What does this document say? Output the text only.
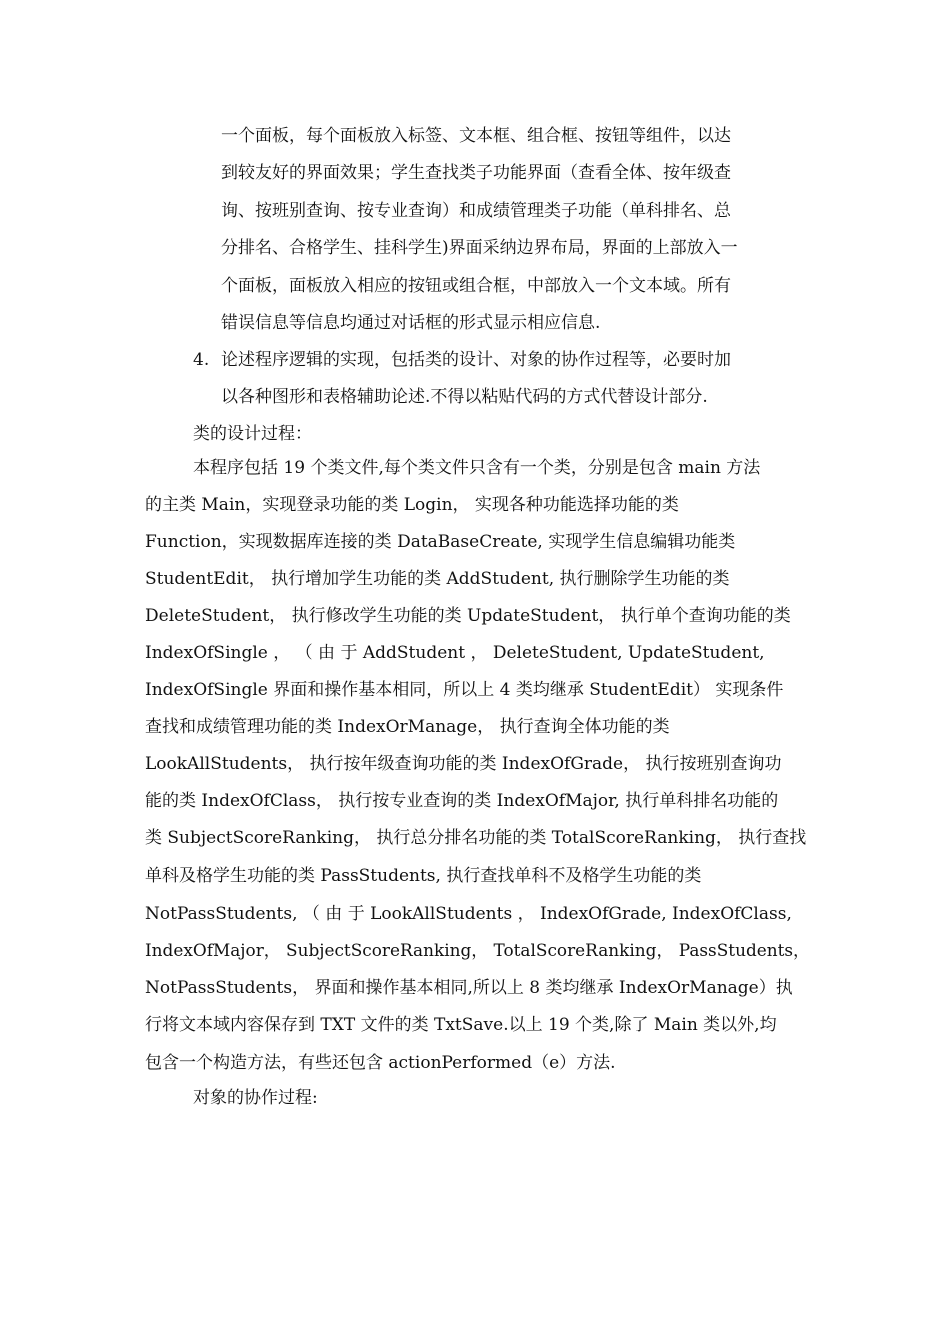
一个面板，每个面板放入标签、文本框、组合框、按钮等组件，以达
到较友好的界面效果；学生查找类子功能界面（查看全体、按年级查
询、按班别查询、按专业查询）和成绩管理类子功能（单科排名、总
分排名、合格学生、挂科学生)界面采纳边界布局，界面的上部放入一
个面板，面板放入相应的按钮或组合框，中部放入一个文本域。所有
错误信息等信息均通过对话框的形式显示相应信息.
4. 论述程序逻辑的实现，包括类的设计、对象的协作过程等，必要时加
以各种图形和表格辅助论述.不得以粘贴代码的方式代替设计部分.
类的设计过程：
本程序包括 19 个类文件,每个类文件只含有一个类，分别是包含 main 方法
的主类 Main，实现登录功能的类 Login， 实现各种功能选择功能的类
Function，实现数据库连接的类 DataBaseCreate, 实现学生信息编辑功能类
StudentEdit， 执行增加学生功能的类 AddStudent, 执行删除学生功能的类
DeleteStudent， 执行修改学生功能的类 UpdateStudent， 执行单个查询功能的类
IndexOfSingle ， （ 由 于 AddStudent ， DeleteStudent, UpdateStudent,
IndexOfSingle 界面和操作基本相同，所以上 4 类均继承 StudentEdit） 实现条件
查找和成绩管理功能的类 IndexOrManage， 执行查询全体功能的类
LookAllStudents， 执行按年级查询功能的类 IndexOfGrade， 执行按班别查询功
能的类 IndexOfClass， 执行按专业查询的类 IndexOfMajor, 执行单科排名功能的
类 SubjectScoreRanking， 执行总分排名功能的类 TotalScoreRanking， 执行查找
单科及格学生功能的类 PassStudents, 执行查找单科不及格学生功能的类
NotPassStudents, （ 由 于 LookAllStudents ， IndexOfGrade, IndexOfClass,
IndexOfMajor， SubjectScoreRanking， TotalScoreRanking， PassStudents，
NotPassStudents， 界面和操作基本相同,所以上 8 类均继承 IndexOrManage）执
行将文本域内容保存到 TXT 文件的类 TxtSave.以上 19 个类,除了 Main 类以外,均
包含一个构造方法，有些还包含 actionPerformed（e）方法.
对象的协作过程:
